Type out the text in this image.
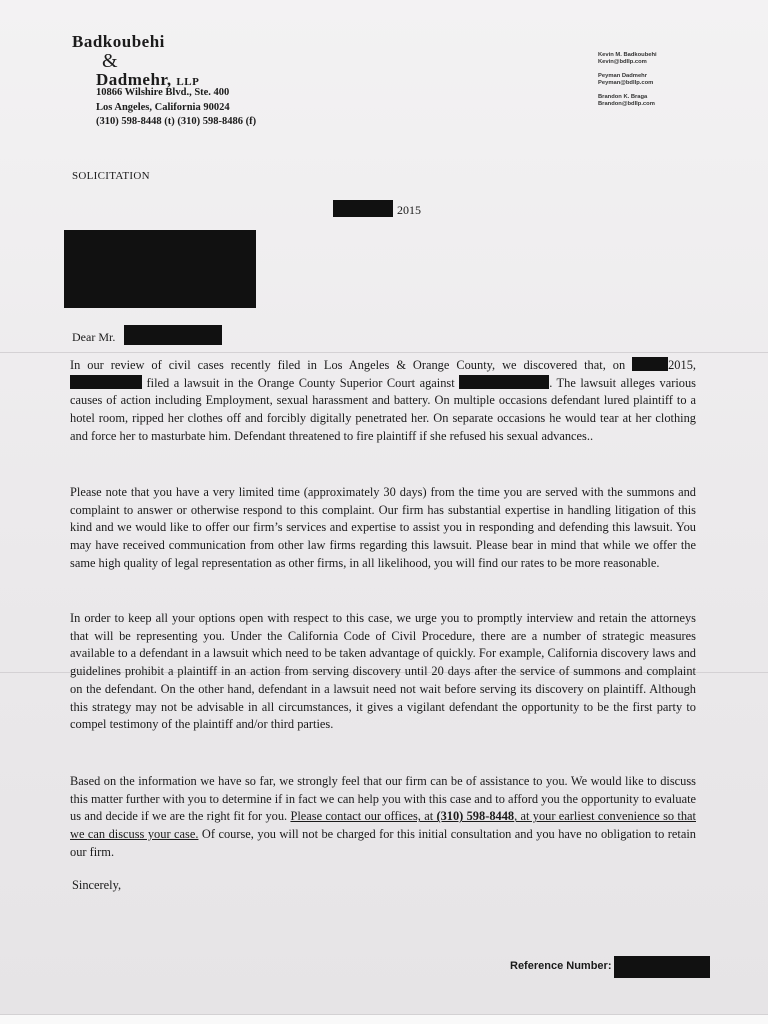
Badkoubehi
&
Dadmehr, LLP
10866 Wilshire Blvd., Ste. 400
Los Angeles, California 90024
(310) 598-8448 (t) (310) 598-8486 (f)
Kevin M. Badkoubehi
Kevin@bdllp.com
Peyman Dadmehr
Peyman@bdllp.com
Brandon K. Braga
Brandon@bdllp.com
SOLICITATION
2015
Dear Mr.

In our review of civil cases recently filed in Los Angeles & Orange County, we discovered that, on	2015,  filed a lawsuit in the Orange County Superior Court against	. The lawsuit alleges various causes of action including Employment, sexual harassment and battery. On multiple occasions defendant lured plaintiff to a hotel room, ripped her clothes off and forcibly digitally penetrated her. On separate occasions he would tear at her clothing and force her to masturbate him. Defendant threatened to fire plaintiff if she refused his sexual advances..

Please note that you have a very limited time (approximately 30 days) from the time you are served with the summons and complaint to answer or otherwise respond to this complaint. Our firm has substantial expertise in handling litigation of this kind and we would like to offer our firm’s services and expertise to assist you in responding and defending this lawsuit. You may have received communication from other law firms regarding this lawsuit. Please bear in mind that while we offer the same high quality of legal representation as other firms, in all likelihood, you will find our rates to be more reasonable.

In order to keep all your options open with respect to this case, we urge you to promptly interview and retain the attorneys that will be representing you. Under the California Code of Civil Procedure, there are a number of strategic measures available to a defendant in a lawsuit which need to be taken advantage of quickly. For example, California discovery laws and guidelines prohibit a plaintiff in an action from serving discovery until 20 days after the service of summons and complaint on the defendant. On the other hand, defendant in a lawsuit need not wait before serving its discovery on plaintiff. Although this strategy may not be advisable in all circumstances, it gives a vigilant defendant the opportunity to be the first party to compel testimony of the plaintiff and/or third parties.

Based on the information we have so far, we strongly feel that our firm can be of assistance to you. We would like to discuss this matter further with you to determine if in fact we can help you with this case and to afford you the opportunity to evaluate us and decide if we are the right fit for you. Please contact our offices, at (310) 598-8448, at your earliest convenience so that we can discuss your case. Of course, you will not be charged for this initial consultation and you have no obligation to retain our firm.

Sincerely,
Reference Number:
